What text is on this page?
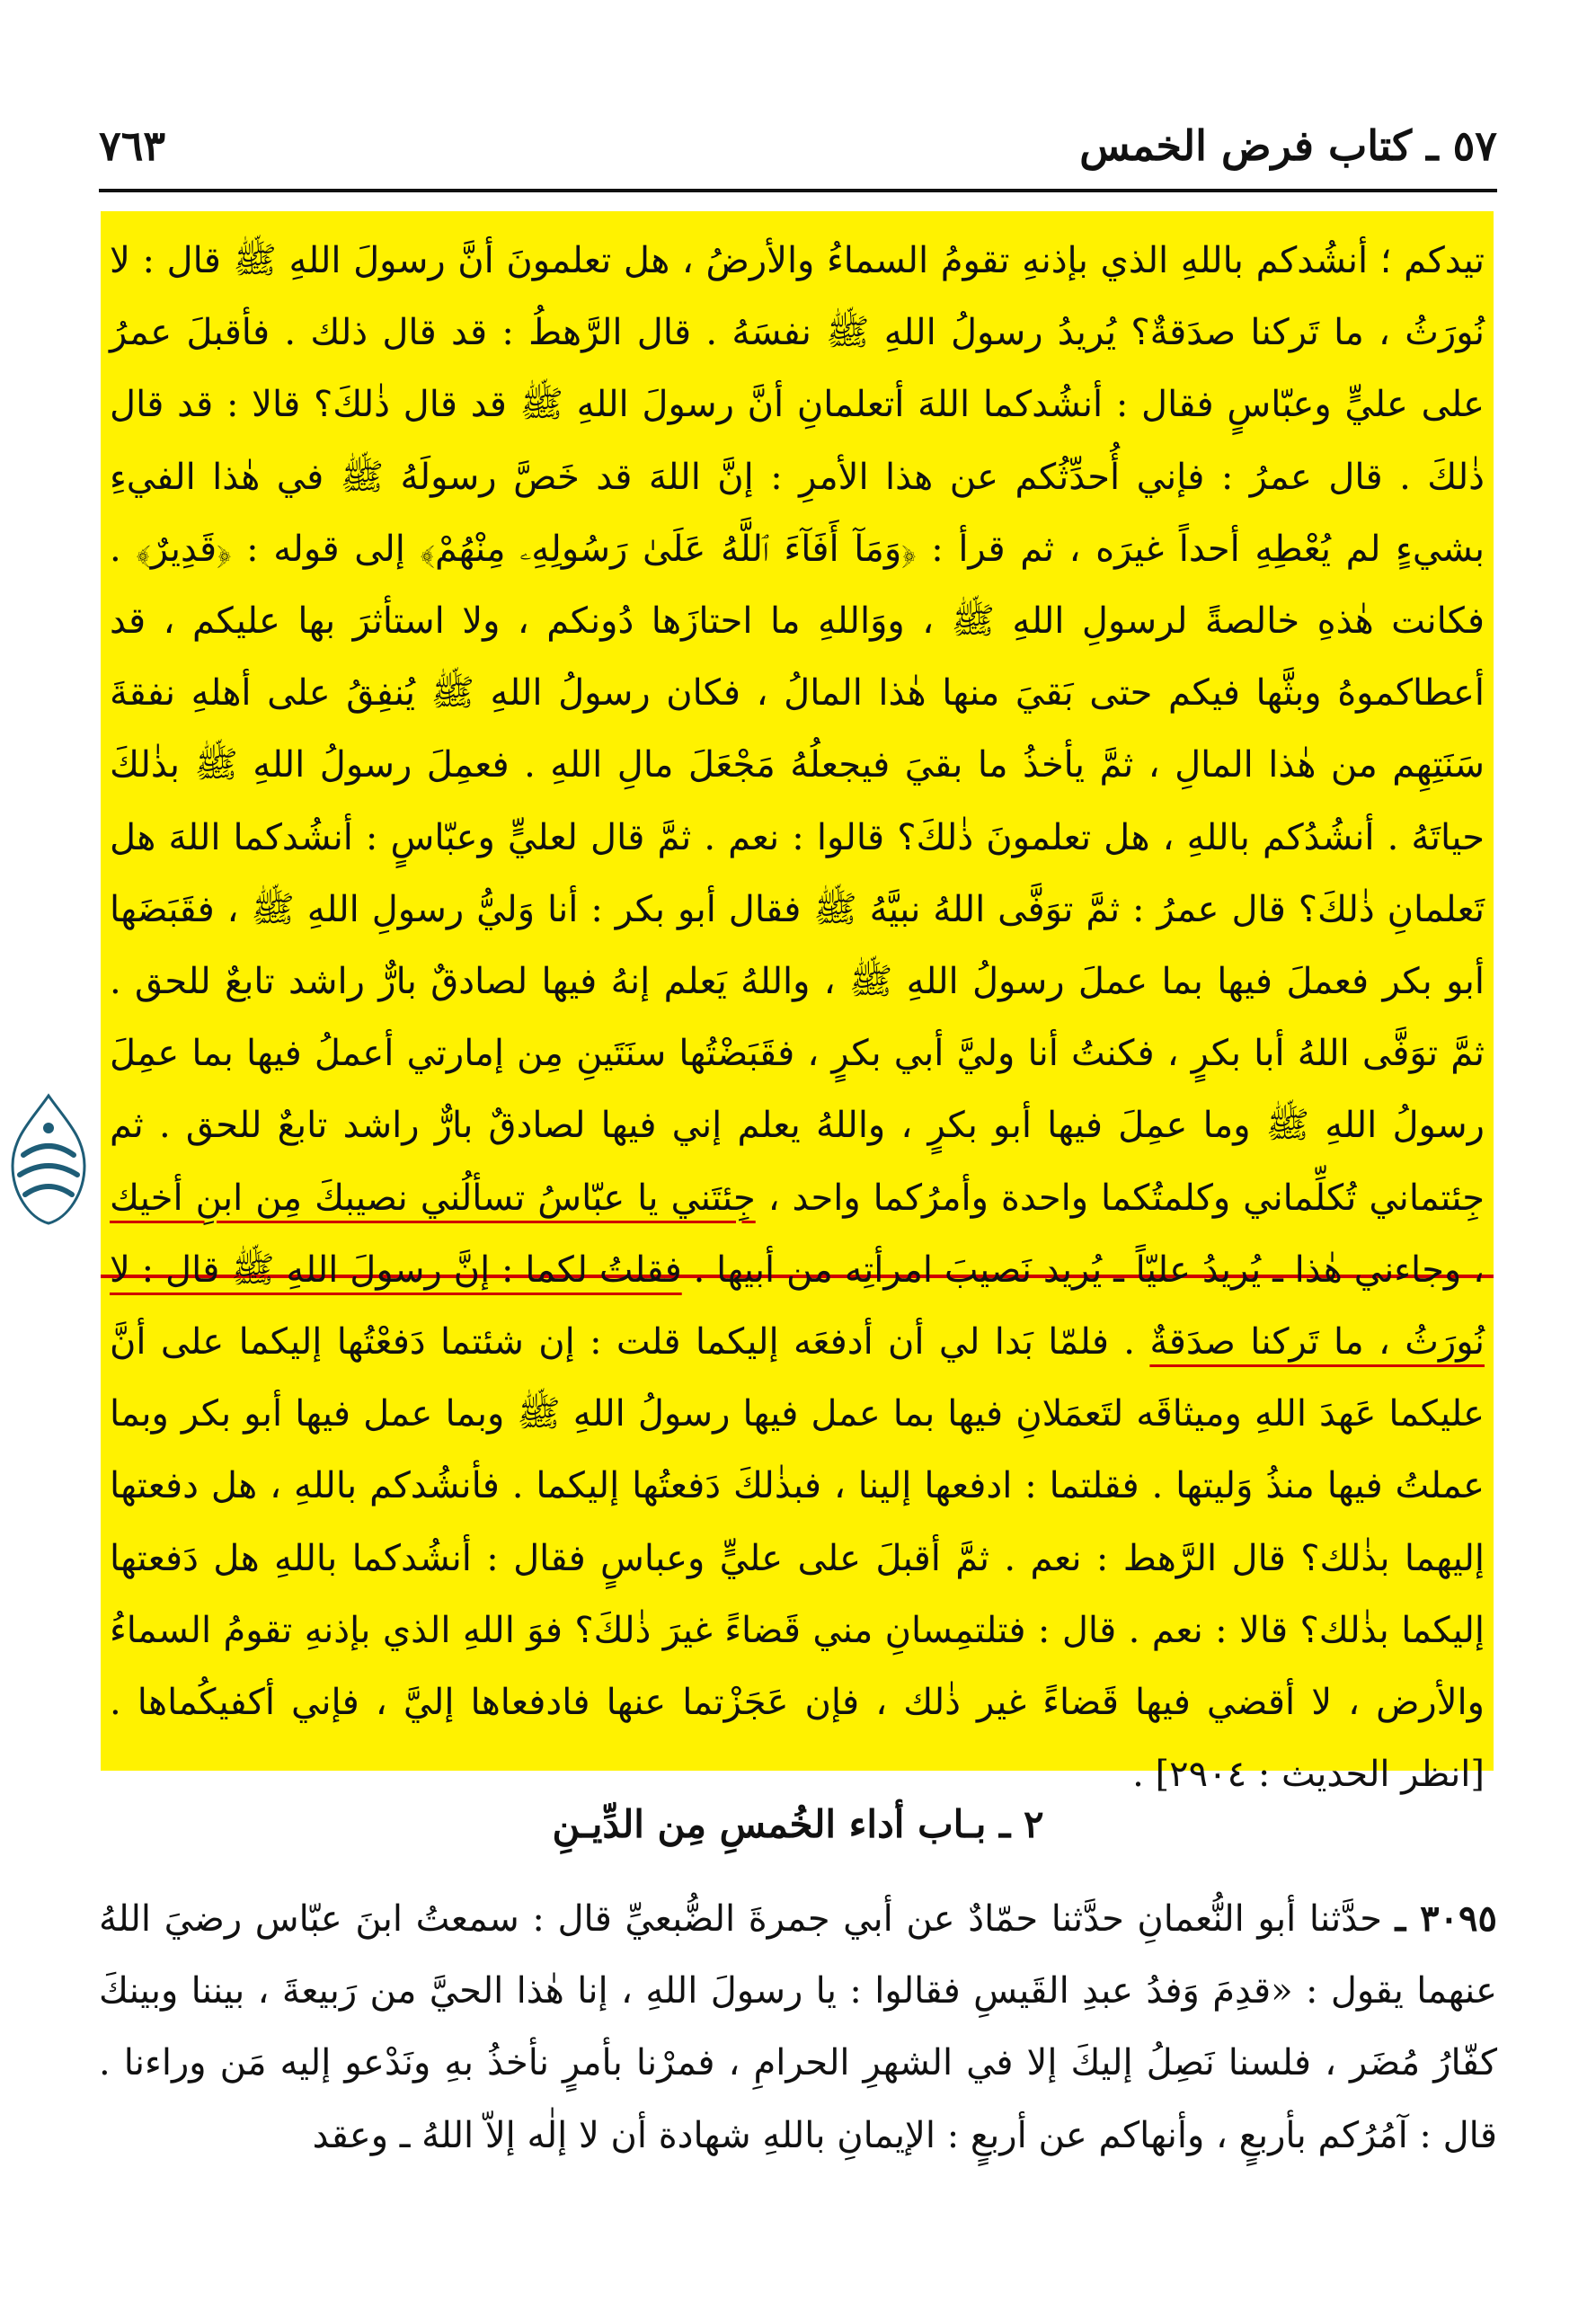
٥٧ ـ كتاب فرض الخمس
٧٦٣

تيدكم ؛ أنشُدكم باللهِ الذي بإذنهِ تقومُ السماءُ والأرضُ ، هل تعلمونَ أنَّ رسولَ اللهِ ﷺ قال : لا نُورَثُ ، ما تَركنا صدَقةٌ؟ يُريدُ رسولُ اللهِ ﷺ نفسَهُ . قال الرَّهطُ : قد قال ذلك . فأقبلَ عمرُ على عليٍّ وعبّاسٍ فقال : أنشُدكما اللهَ أتعلمانِ أنَّ رسولَ اللهِ ﷺ قد قال ذٰلكَ؟ قالا : قد قال ذٰلكَ . قال عمرُ : فإني أُحدِّثُكم عن هذا الأمرِ : إنَّ اللهَ قد خَصَّ رسولَهُ ﷺ في هٰذا الفيءِ بشيءٍ لم يُعْطِهِ أحداً غيرَه ، ثم قرأ : ﴿وَمَآ أَفَآءَ ٱللَّهُ عَلَىٰ رَسُولِهِۦ مِنْهُمْ﴾ إلى قوله : ﴿قَدِيرٌ﴾ . فكانت هٰذهِ خالصةً لرسولِ اللهِ ﷺ ، ووَاللهِ ما احتازَها دُونكم ، ولا استأثرَ بها عليكم ، قد أعطاكموهُ وبثَّها فيكم حتى بَقيَ منها هٰذا المالُ ، فكان رسولُ اللهِ ﷺ يُنفِقُ على أهلهِ نفقةَ سَنَتِهِم من هٰذا المالِ ، ثمَّ يأخذُ ما بقيَ فيجعلُهُ مَجْعَلَ مالِ اللهِ . فعمِلَ رسولُ اللهِ ﷺ بذٰلكَ حياتَهُ . أنشُدُكم باللهِ ، هل تعلمونَ ذٰلكَ؟ قالوا : نعم . ثمَّ قال لعليٍّ وعبّاسٍ : أنشُدكما اللهَ هل تَعلمانِ ذٰلكَ؟ قال عمرُ : ثمَّ توَفَّى اللهُ نبيَّهُ ﷺ فقال أبو بكر : أنا وَليُّ رسولِ اللهِ ﷺ ، فقَبَضَها أبو بكر فعملَ فيها بما عملَ رسولُ اللهِ ﷺ ، واللهُ يَعلم إنهُ فيها لصادقٌ بارٌّ راشد تابعٌ للحق . ثمَّ توَفَّى اللهُ أبا بكرٍ ، فكنتُ أنا وليَّ أبي بكرٍ ، فقَبَضْتُها سنَتَينِ مِن إمارتي أعملُ فيها بما عمِلَ رسولُ اللهِ ﷺ وما عمِلَ فيها أبو بكرٍ ، واللهُ يعلم إني فيها لصادقٌ بارٌّ راشد تابعٌ للحق . ثم جِئتماني تُكلِّماني وكلمتُكما واحدة وأمرُكما واحد ، جِئتَني يا عبّاسُ تسألُني نصيبكَ مِن ابنِ أخيك ، وجاءني هٰذا ـ يُريدُ عليّاً ـ يُريد نَصيبَ امرأتِه من أبيها . فقلتُ لكما : إنَّ رسولَ اللهِ ﷺ قال : لا نُورَثُ ، ما تَركنا صدَقةٌ . فلمّا بَدا لي أن أدفعَه إليكما قلت : إن شئتما دَفعْتُها إليكما على أنَّ عليكما عَهدَ اللهِ وميثاقَه لتَعمَلانِ فيها بما عمل فيها رسولُ اللهِ ﷺ وبما عمل فيها أبو بكر وبما عملتُ فيها منذُ وَليتها . فقلتما : ادفعها إلينا ، فبذٰلكَ دَفعتُها إليكما . فأنشُدكم باللهِ ، هل دفعتها إليهما بذٰلك؟ قال الرَّهط : نعم . ثمَّ أقبلَ على عليٍّ وعباسٍ فقال : أنشُدكما باللهِ هل دَفعتها إليكما بذٰلك؟ قالا : نعم . قال : فتلتمِسانِ مني قَضاءً غيرَ ذٰلكَ؟ فوَ اللهِ الذي بإذنهِ تقومُ السماءُ والأرض ، لا أقضي فيها قَضاءً غير ذٰلك ، فإن عَجَزْتما عنها فادفعاها إليَّ ، فإني أكفيكُماها . [انظر الحديث : ٢٩٠٤] .

٢ ـ بـاب أداء الخُمسِ مِن الدِّيـنِ

٣٠٩٥ ـ حدَّثنا أبو النُّعمانِ حدَّثنا حمّادٌ عن أبي جمرةَ الضُّبعيِّ قال : سمعتُ ابنَ عبّاس رضيَ اللهُ عنهما يقول : «قدِمَ وَفدُ عبدِ القَيسِ فقالوا : يا رسولَ اللهِ ، إنا هٰذا الحيَّ من رَبيعةَ ، بيننا وبينكَ كفّارُ مُضَر ، فلسنا نَصِلُ إليكَ إلا في الشهرِ الحرامِ ، فمرْنا بأمرٍ نأخذُ بهِ ونَدْعو إليه مَن وراءنا . قال : آمُرُكم بأربعٍ ، وأنهاكم عن أربعٍ : الإيمانِ باللهِ شهادة أن لا إلٰه إلاّ اللهُ ـ وعقد
